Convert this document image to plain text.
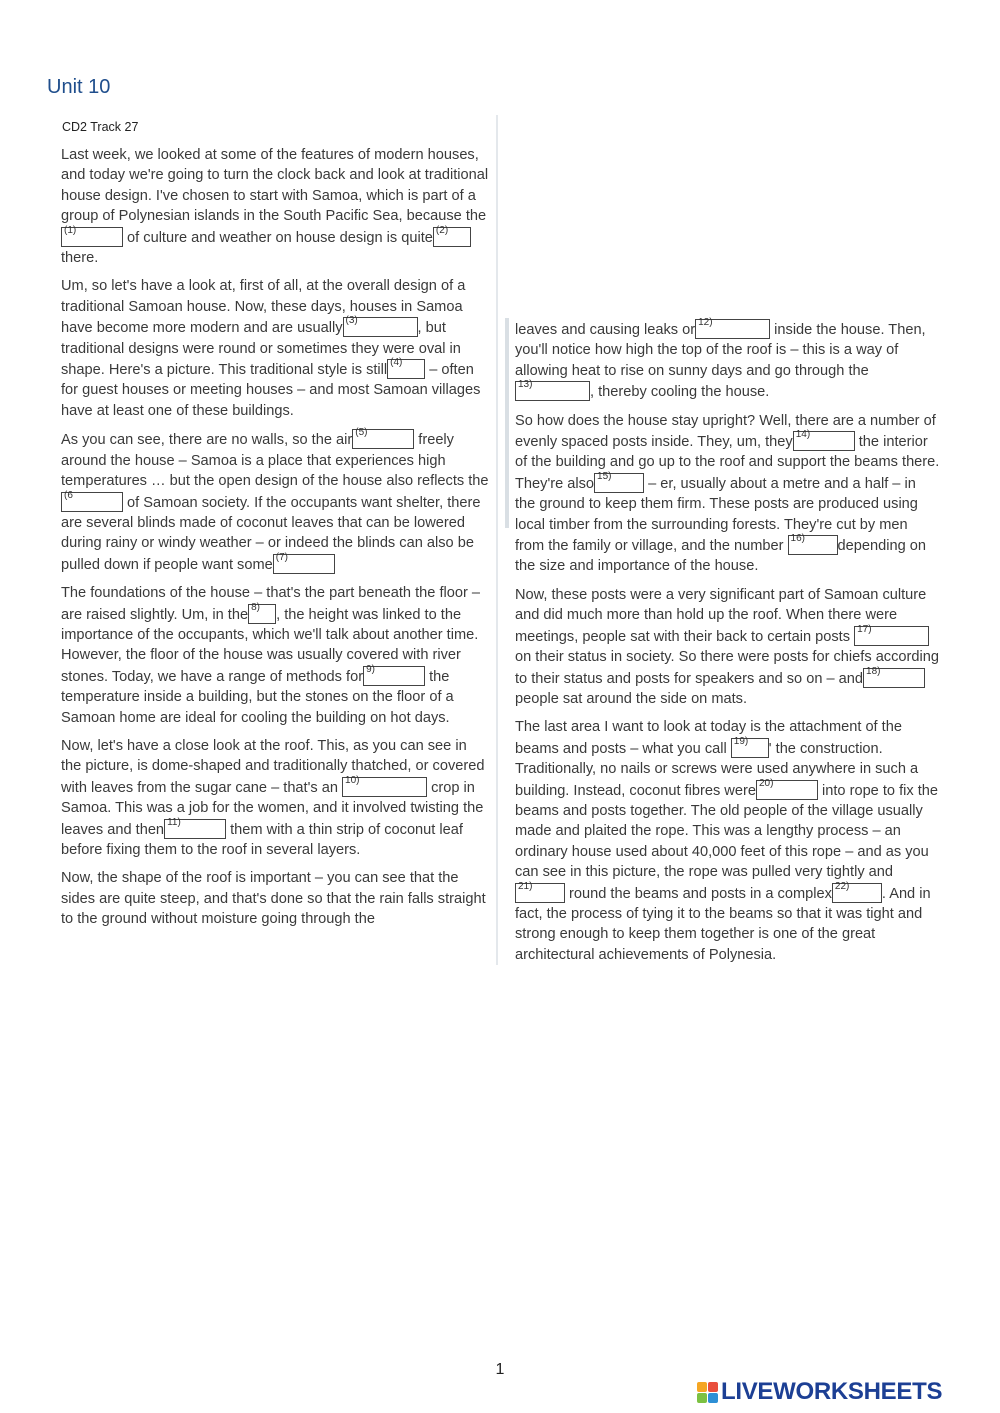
Unit 10
CD2 Track 27

Last week, we looked at some of the features of modern houses, and today we're going to turn the clock back and look at traditional house design. I've chosen to start with Samoa, which is part of a group of Polynesian islands in the South Pacific Sea, because the
(1)	of culture and weather on house design is quite (2)
there.

Um, so let's have a look at, first of all, at the overall design of a traditional Samoan house. Now, these days, houses in Samoa have become more modern and are usually (3)	, but traditional designs were round or sometimes they were oval in shape. Here's a picture. This traditional style is still (4) – often for guest houses or meeting houses – and most Samoan villages have at least one of these buildings.

As you can see, there are no walls, so the air (5)	freely around the house – Samoa is a place that experiences high temperatures … but the open design of the house also reflects the
(6	of Samoan society. If the occupants want shelter, there are several blinds made of coconut leaves that can be lowered during rainy or windy weather – or indeed the blinds can also be pulled down if people want some (7)

The foundations of the house – that's the part beneath the floor – are raised slightly. Um, in the 8) , the height was linked to the importance of the occupants, which we'll talk about another time. However, the floor of the house was usually covered with river stones. Today, we have a range of methods for 9)	the temperature inside a building, but the stones on the floor of a Samoan home are ideal for cooling the building on hot days.

Now, let's have a close look at the roof. This, as you can see in the picture, is dome-shaped and traditionally thatched, or covered with leaves from the sugar cane – that's an 10)	crop in Samoa. This was a job for the women, and it involved twisting the leaves and then 11)	them with a thin strip of coconut leaf before fixing them to the roof in several layers.

Now, the shape of the roof is important – you can see that the sides are quite steep, and that's done so that the rain falls straight to the ground without moisture going through the

leaves and causing leaks or 12)	inside the house. Then, you'll notice how high the top of the roof is – this is a way of allowing heat to rise on sunny days and go through the
13)	, thereby cooling the house.

So how does the house stay upright? Well, there are a number of evenly spaced posts inside. They, um, they 14)	the interior of the building and go up to the roof and support the beams there. They're also 15) – er, usually about a metre and a half – in the ground to keep them firm. These posts are produced using local timber from the surrounding forests. They're cut by men from the family or village, and the number 16) depending on the size and importance of the house.

Now, these posts were a very significant part of Samoan culture and did much more than hold up the roof. When there were meetings, people sat with their back to certain posts 17)
on their status in society. So there were posts for chiefs according to their status and posts for speakers and so on – and 18)
people sat around the side on mats.

The last area I want to look at today is the attachment of the beams and posts – what you call 19) ' the construction. Traditionally, no nails or screws were used anywhere in such a building. Instead, coconut fibres were 20)	into rope to fix the beams and posts together. The old people of the village usually made and plaited the rope. This was a lengthy process – an ordinary house used about 40,000 feet of this rope – and as you can see in this picture, the rope was pulled very tightly and
21) round the beams and posts in a complex 22) . And in fact, the process of tying it to the beams so that it was tight and strong enough to keep them together is one of the great architectural achievements of Polynesia.

1
LIVEWORKSHEETS
